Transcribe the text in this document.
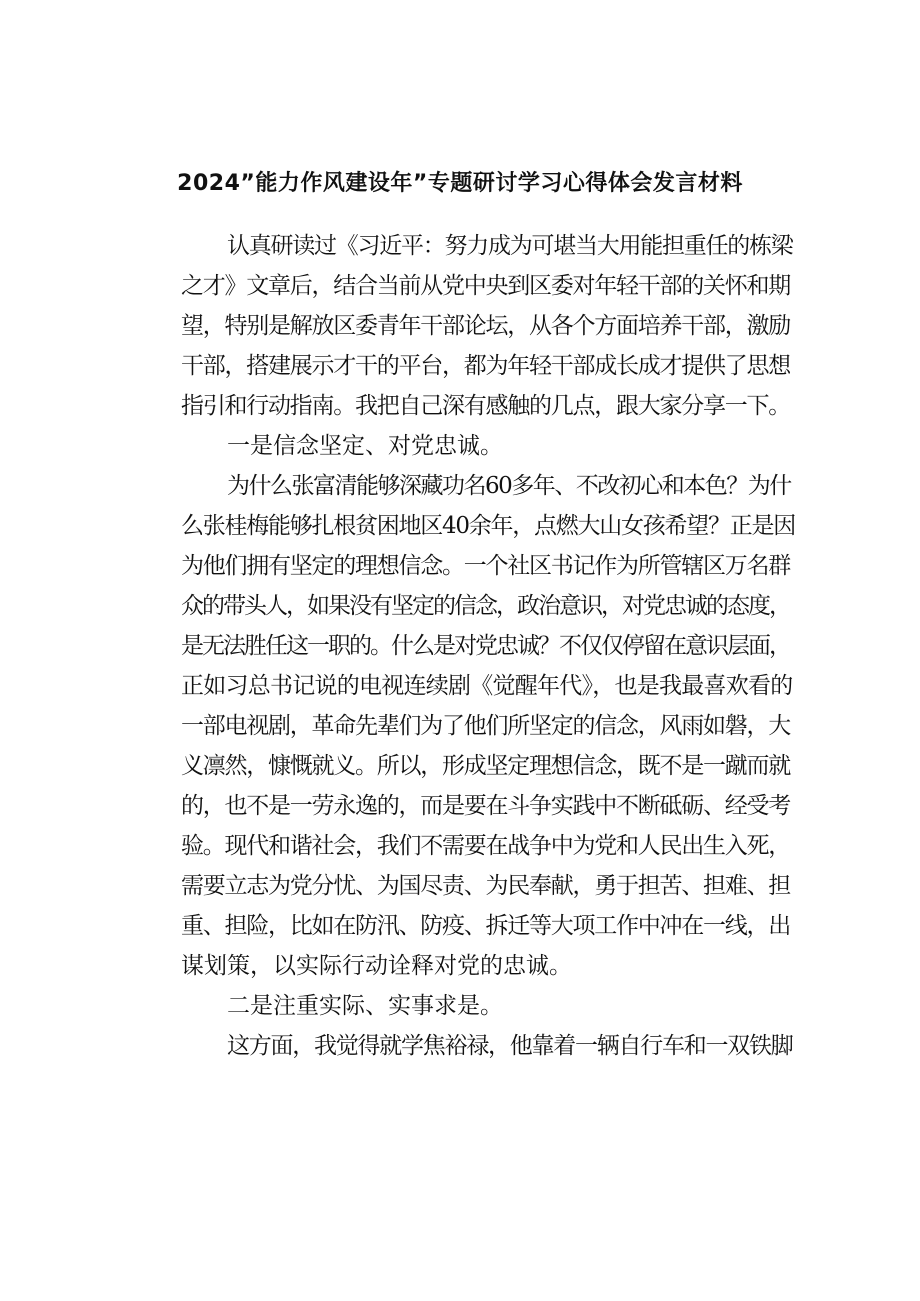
2024”能力作风建设年”专题研讨学习心得体会发言材料
认真研读过《习近平：努力成为可堪当大用能担重任的栋梁
之才》文章后，结合当前从党中央到区委对年轻干部的关怀和期
望，特别是解放区委青年干部论坛，从各个方面培养干部，激励
干部，搭建展示才干的平台，都为年轻干部成长成才提供了思想
指引和行动指南。我把自己深有感触的几点，跟大家分享一下。
一是信念坚定、对党忠诚。
为什么张富清能够深藏功名60多年、不改初心和本色？为什
么张桂梅能够扎根贫困地区40余年，点燃大山女孩希望？正是因
为他们拥有坚定的理想信念。一个社区书记作为所管辖区万名群
众的带头人，如果没有坚定的信念，政治意识，对党忠诚的态度，
是无法胜任这一职的。什么是对党忠诚？不仅仅停留在意识层面，
正如习总书记说的电视连续剧《觉醒年代》，也是我最喜欢看的
一部电视剧，革命先辈们为了他们所坚定的信念，风雨如磐，大
义凛然，慷慨就义。所以，形成坚定理想信念，既不是一蹴而就
的，也不是一劳永逸的，而是要在斗争实践中不断砥砺、经受考
验。现代和谐社会，我们不需要在战争中为党和人民出生入死，
需要立志为党分忧、为国尽责、为民奉献，勇于担苦、担难、担
重、担险，比如在防汛、防疫、拆迁等大项工作中冲在一线，出
谋划策，以实际行动诠释对党的忠诚。
二是注重实际、实事求是。
这方面，我觉得就学焦裕禄，他靠着一辆自行车和一双铁脚
